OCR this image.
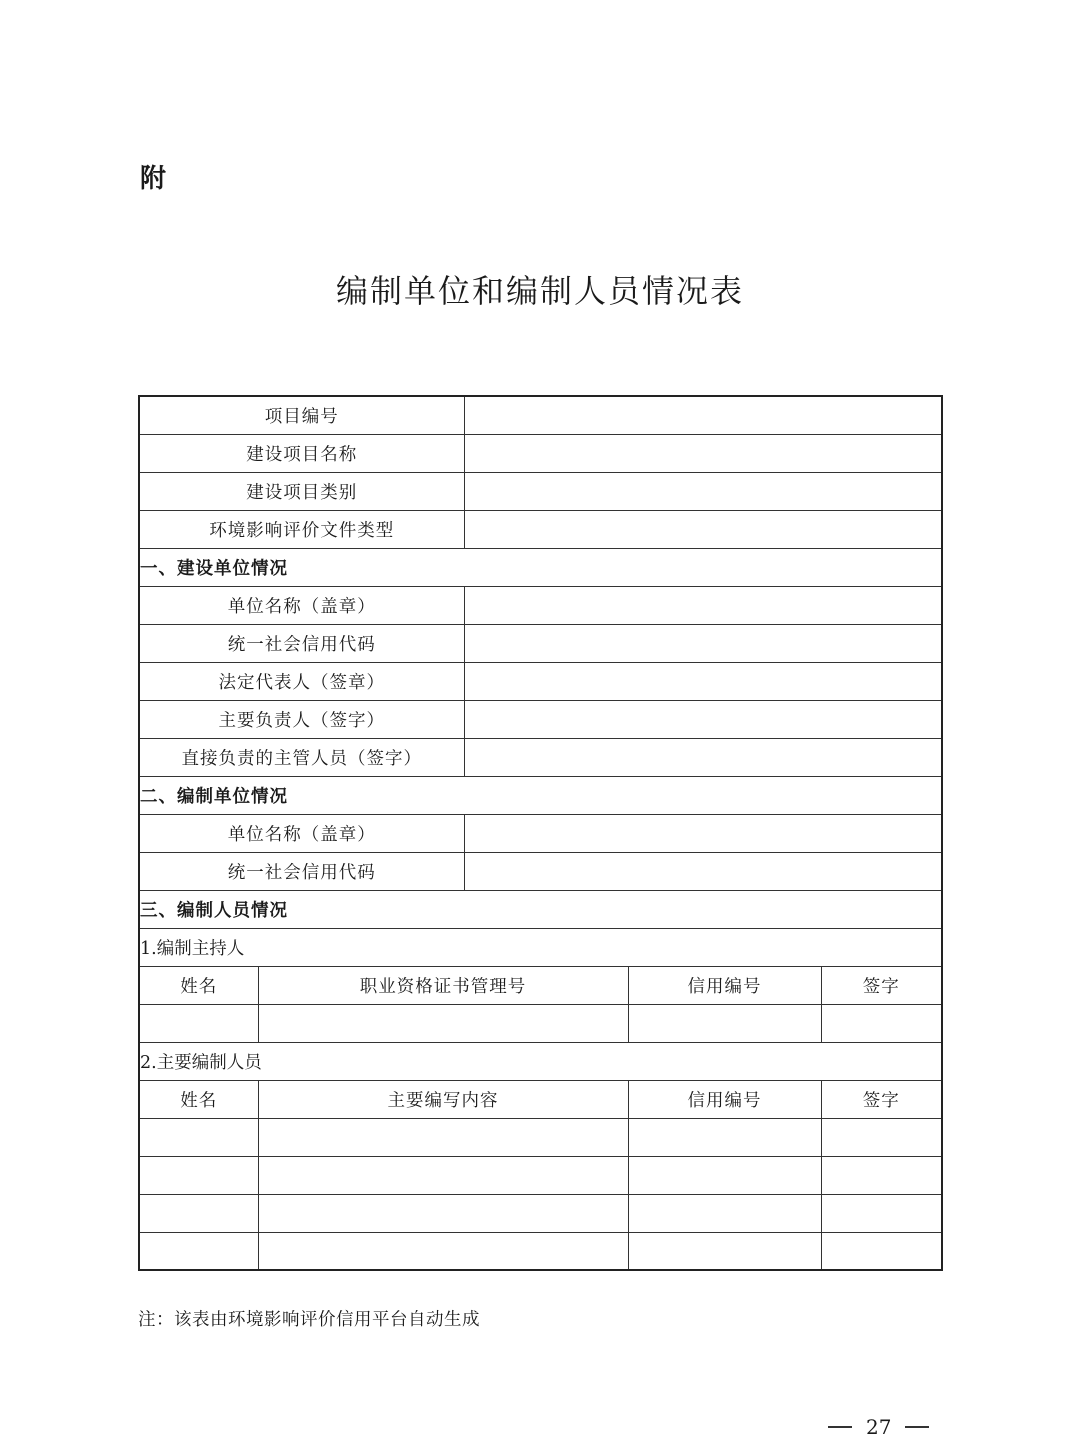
附
编制单位和编制人员情况表
项目编号				
建设项目名称				
建设项目类别				
环境影响评价文件类型				
一、建设单位情况				
单位名称（盖章）				
统一社会信用代码				
法定代表人（签章）				
主要负责人（签字）				
直接负责的主管人员（签字）				
二、编制单位情况				
单位名称（盖章）				
统一社会信用代码				
三、编制人员情况				
1.编制主持人				
姓名	职业资格证书管理号		信用编号	签字

2.主要编制人员				
姓名	主要编写内容		信用编号	签字

注：该表由环境影响评价信用平台自动生成
27
